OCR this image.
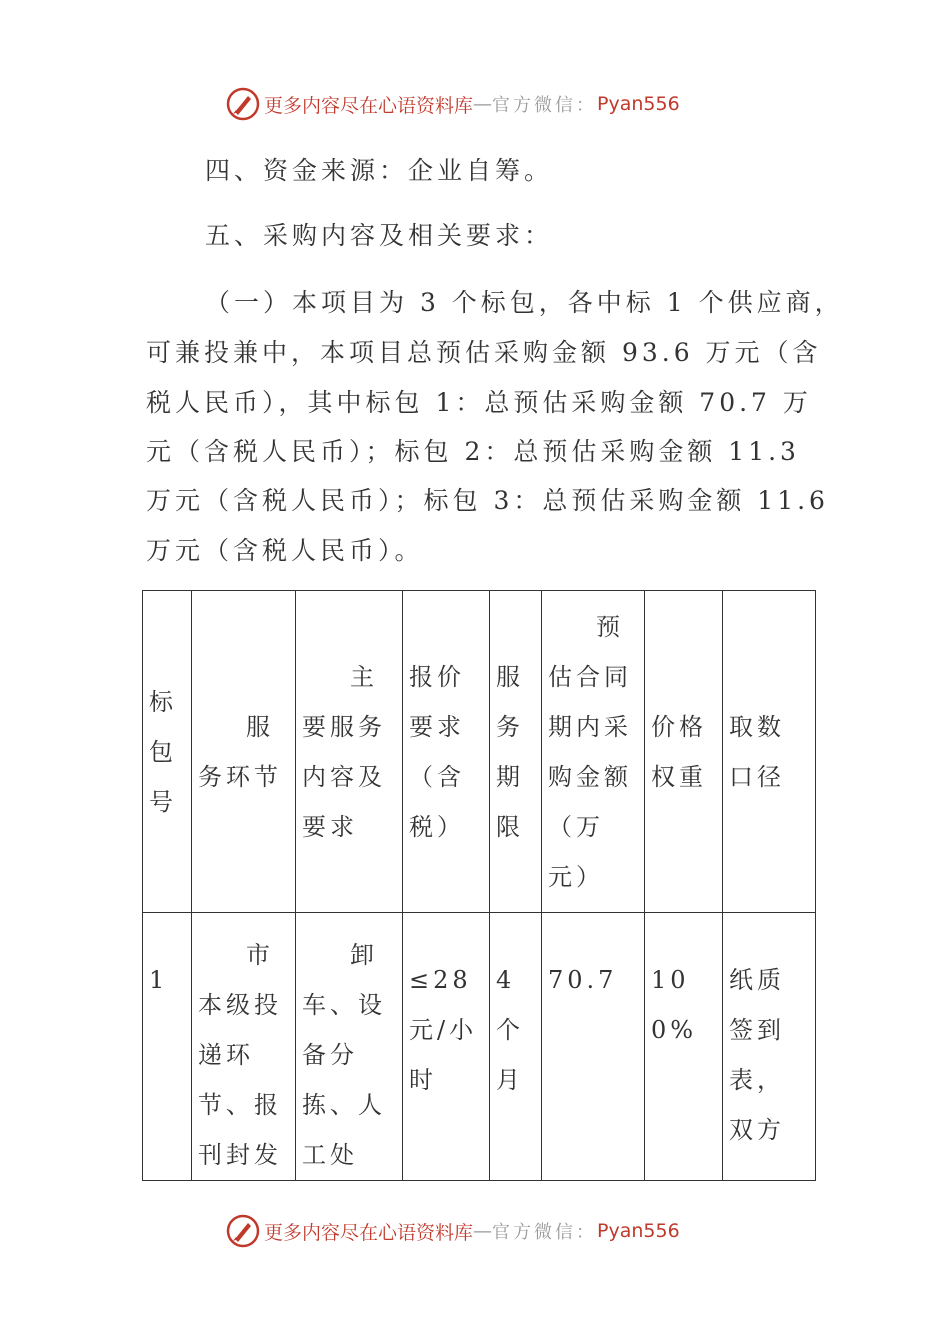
更多内容尽在心语资料库 — 官方微信： Pyan556
四、资金来源：企业自筹。
五、采购内容及相关要求：
（一）本项目为 3 个标包，各中标 1 个供应商，
可兼投兼中，本项目总预估采购金额 93.6 万元（含
税人民币），其中标包 1：总预估采购金额 70.7 万
元（含税人民币）；标包 2：总预估采购金额 11.3
万元（含税人民币）；标包 3：总预估采购金额 11.6
万元（含税人民币）。
标包号	服务环节	主要服务内容及要求	报价要求（含税）	服务期限	预估合同期内采购金额（万元）	价格权重	取数口径

1	市本级投递环节、报刊封发	卸车、设备分拣、人工处	≤28元/小时	4个月	70.7	100%	纸质签到表，双方
更多内容尽在心语资料库 — 官方微信： Pyan556
